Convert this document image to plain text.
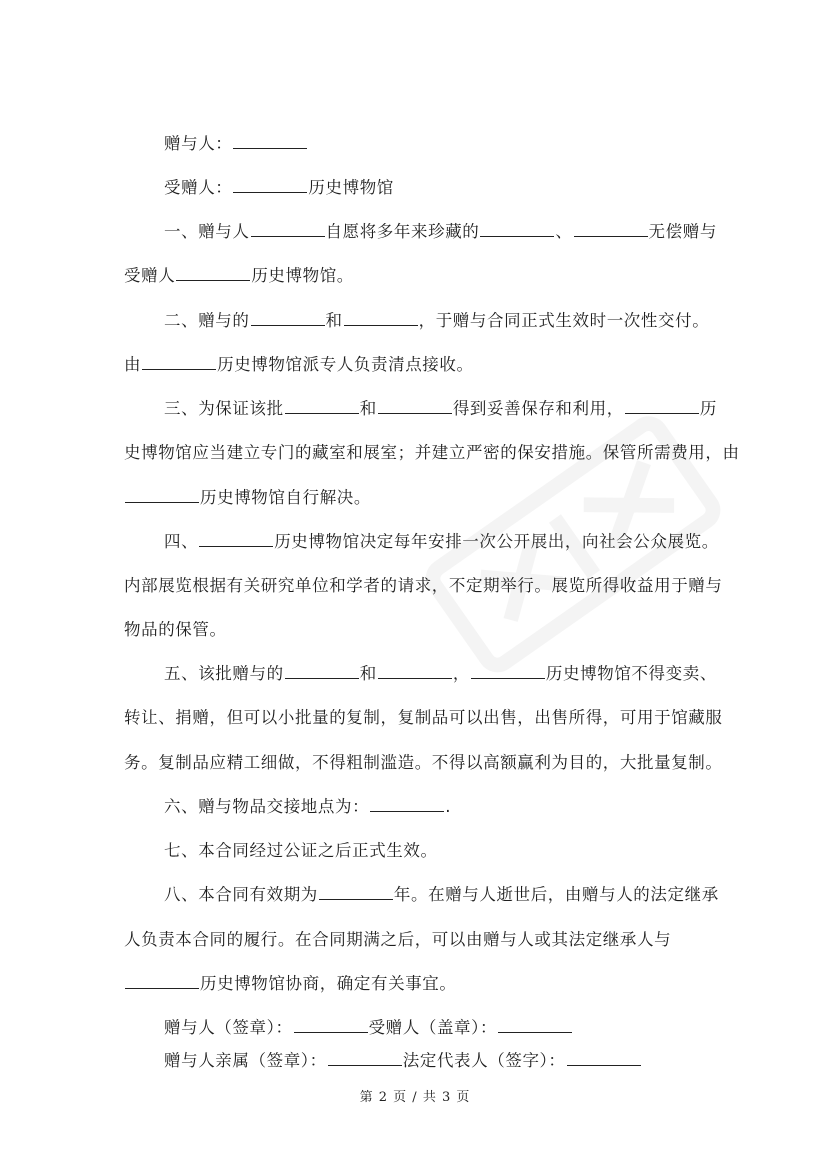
赠与人：
受赠人：	历史博物馆
一、赠与人	自愿将多年来珍藏的	、	无偿赠与
受赠人	历史博物馆。
二、赠与的	和	，于赠与合同正式生效时一次性交付。
由	历史博物馆派专人负责清点接收。
三、为保证该批	和	得到妥善保存和利用，	历
史博物馆应当建立专门的藏室和展室；并建立严密的保安措施。保管所需费用，由
历史博物馆自行解决。
四、	历史博物馆决定每年安排一次公开展出，向社会公众展览。
内部展览根据有关研究单位和学者的请求，不定期举行。展览所得收益用于赠与
物品的保管。
五、该批赠与的	和	，	历史博物馆不得变卖、
转让、捐赠，但可以小批量的复制，复制品可以出售，出售所得，可用于馆藏服
务。复制品应精工细做，不得粗制滥造。不得以高额赢利为目的，大批量复制。
六、赠与物品交接地点为：	.
七、本合同经过公证之后正式生效。
八、本合同有效期为	年。在赠与人逝世后，由赠与人的法定继承
人负责本合同的履行。在合同期满之后，可以由赠与人或其法定继承人与
历史博物馆协商，确定有关事宜。
赠与人（签章）：	受赠人（盖章）：
赠与人亲属（签章）：	法定代表人（签字）：
第 2 页 / 共 3 页
